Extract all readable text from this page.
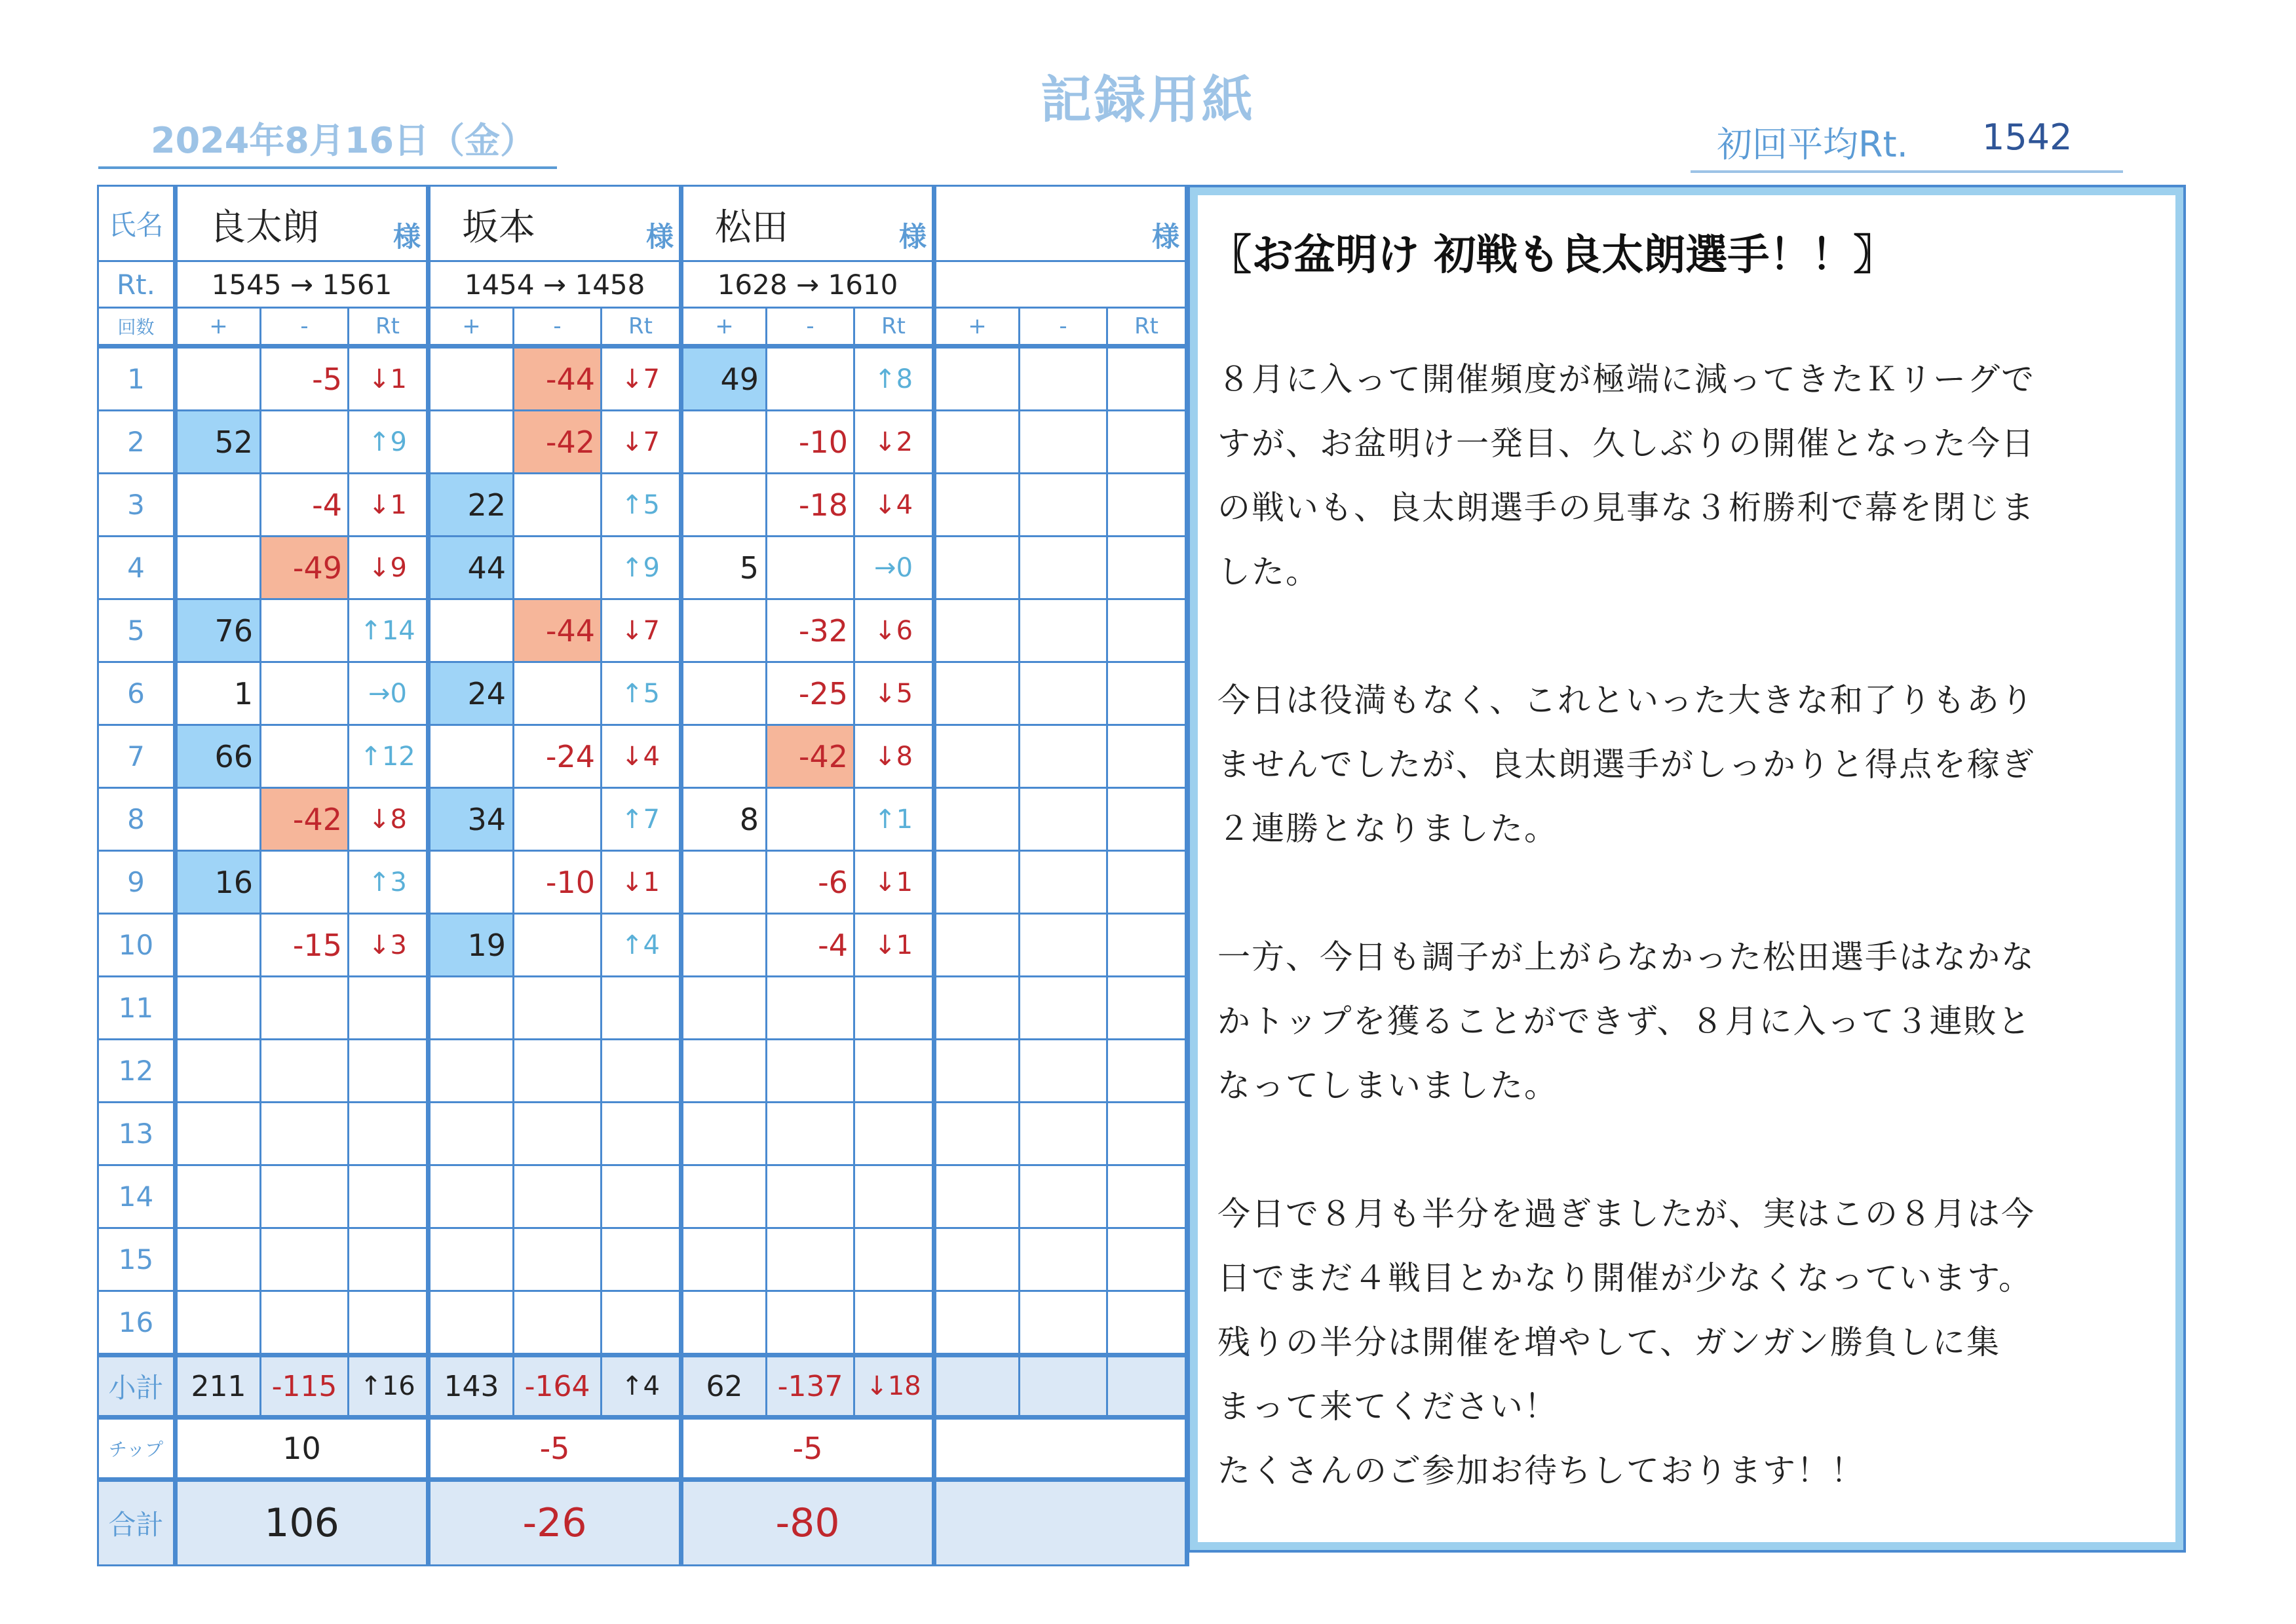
記録用紙
2024年8月16日（金）	初回平均Rt. 1542
氏名	良太朗 様			坂本 様			松田 様			様		

Rt.	1545 → 1561			1454 → 1458			1628 → 1610					
回数	+	-	Rt	+	-	Rt	+	-	Rt	+	-	Rt
1		-5	↓1		-44	↓7	49		↑8			
2	52		↑9		-42	↓7		-10	↓2			
3		-4	↓1	22		↑5		-18	↓4			
4		-49	↓9	44		↑9	5		→0			
5	76		↑14		-44	↓7		-32	↓6			
6	1		→0	24		↑5		-25	↓5			
7	66		↑12		-24	↓4		-42	↓8			
8		-42	↓8	34		↑7	8		↑1			
9	16		↑3		-10	↓1		-6	↓1			
10		-15	↓3	19		↑4		-4	↓1			
11												
12												
13												
14												
15												
16												
小計	211	-115	↑16	143	-164	↑4	62	-137	↓18			
チップ	10			-5			-5					
合計	106			-26			-80					
〖お盆明け 初戦も良太朗選手！！〗
８月に入って開催頻度が極端に減ってきたＫリーグで
すが、お盆明け一発目、久しぶりの開催となった今日
の戦いも、良太朗選手の見事な３桁勝利で幕を閉じま
した。
今日は役満もなく、これといった大きな和了りもあり
ませんでしたが、良太朗選手がしっかりと得点を稼ぎ
２連勝となりました。
一方、今日も調子が上がらなかった松田選手はなかな
かトップを獲ることができず、８月に入って３連敗と
なってしまいました。
今日で８月も半分を過ぎましたが、実はこの８月は今
日でまだ４戦目とかなり開催が少なくなっています。
残りの半分は開催を増やして、ガンガン勝負しに集
まって来てください！
たくさんのご参加お待ちしております！！
